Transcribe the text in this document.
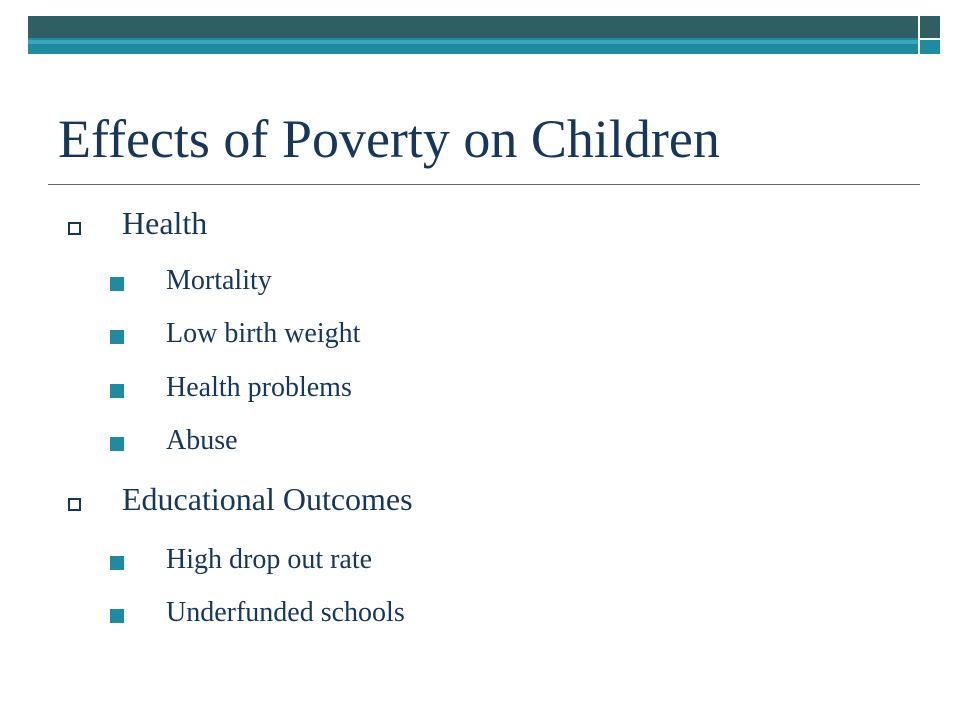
Effects of Poverty on Children
Health
Mortality
Low birth weight
Health problems
Abuse
Educational Outcomes
High drop out rate
Underfunded schools
